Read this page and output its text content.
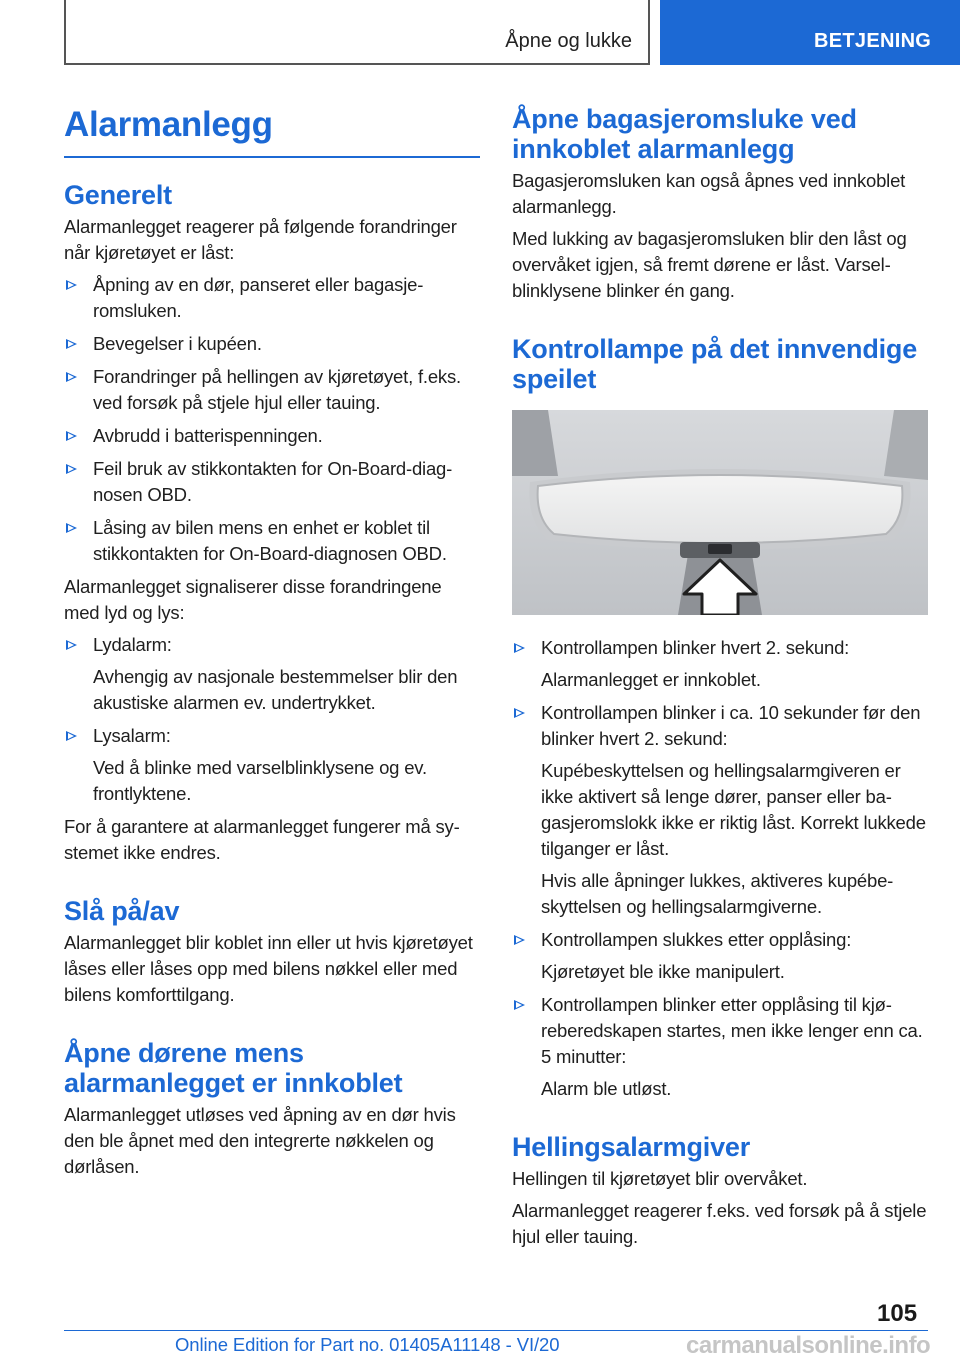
Åpne og lukke	BETJENING
Alarmanlegg
Generelt

Alarmanlegget reagerer på følgende forandringer når kjøretøyet er låst:

Åpning av en dør, panseret eller bagasjeromsluken.
Bevegelser i kupéen.
Forandringer på hellingen av kjøretøyet, f.eks. ved forsøk på stjele hjul eller tauing.
Avbrudd i batterispenningen.
Feil bruk av stikkontakten for On-Board-diagnosen OBD.
Låsing av bilen mens en enhet er koblet til stikkontakten for On-Board-diagnosen OBD.

Alarmanlegget signaliserer disse forandringene med lyd og lys:

Lydalarm:
Avhengig av nasjonale bestemmelser blir den akustiske alarmen ev. undertrykket.
Lysalarm:
Ved å blinke med varselblinklysene og ev. frontlyktene.

For å garantere at alarmanlegget fungerer må systemet ikke endres.

Slå på/av

Alarmanlegget blir koblet inn eller ut hvis kjøretøyet låses eller låses opp med bilens nøkkel eller med bilens komforttilgang.

Åpne dørene mens alarmanlegget er innkoblet

Alarmanlegget utløses ved åpning av en dør hvis den ble åpnet med den integrerte nøkkelen og dørlåsen.

Åpne bagasjeromsluke ved innkoblet alarmanlegg

Bagasjeromsluken kan også åpnes ved innkoblet alarmanlegg.

Med lukking av bagasjeromsluken blir den låst og overvåket igjen, så fremt dørene er låst. Varselblinklysene blinker én gang.

Kontrollampe på det innvendige speilet
Kontrollampen blinker hvert 2. sekund:
Alarmanlegget er innkoblet.
Kontrollampen blinker i ca. 10 sekunder før den blinker hvert 2. sekund:
Kupébeskyttelsen og hellingsalarmgiveren er ikke aktivert så lenge dører, panser eller bagasjeromslokk ikke er riktig låst. Korrekt lukkede tilganger er låst.
Hvis alle åpninger lukkes, aktiveres kupébeskyttelsen og hellingsalarmgiverne.
Kontrollampen slukkes etter opplåsing:
Kjøretøyet ble ikke manipulert.
Kontrollampen blinker etter opplåsing til kjøreberedskapen startes, men ikke lenger enn ca. 5 minutter:
Alarm ble utløst.
Hellingsalarmgiver

Hellingen til kjøretøyet blir overvåket.

Alarmanlegget reagerer f.eks. ved forsøk på å stjele hjul eller tauing.

105
Online Edition for Part no. 01405A11148 - VI/20	carmanualsonline.info
